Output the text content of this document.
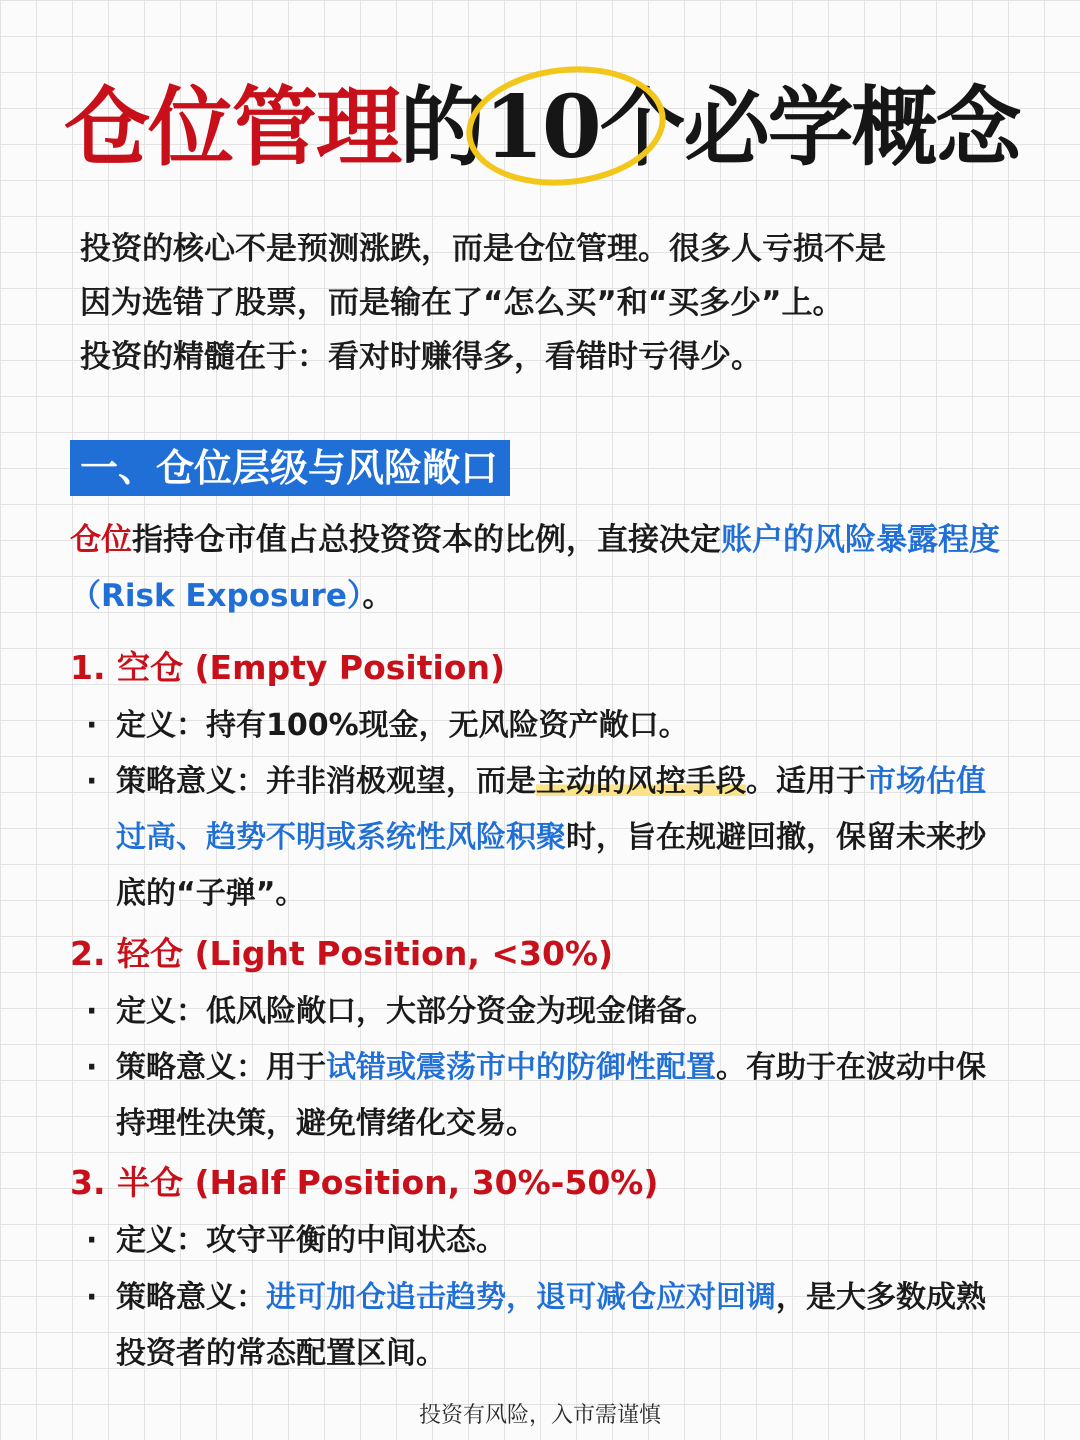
仓位管理的10个
必学概念

投资的核心不是预测涨跌，而是仓位管理。很多人亏损不是

因为选错了股票，而是输在了“怎么买”和“买多少”上。

投资的精髓在于：看对时赚得多，看错时亏得少。

一、仓位层级与风险敞口
仓位指持仓市值占总投资资本的比例，直接决定账户的风险暴露程度（Risk Exposure）。
1. 空仓 (Empty Position)
· 定义：持有100%现金，无风险资产敞口。
· 策略意义：并非消极观望，而是主动的风控手段。适用于市场估值过高、趋势不明或系统性风险积聚时，旨在规避回撤，保留未来抄底的“子弹”。
2. 轻仓 (Light Position, <30%)
· 定义：低风险敞口，大部分资金为现金储备。
· 策略意义：用于试错或震荡市中的防御性配置。有助于在波动中保持理性决策，避免情绪化交易。
3. 半仓 (Half Position, 30%-50%)
· 定义：攻守平衡的中间状态。
· 策略意义：进可加仓追击趋势，退可减仓应对回调，是大多数成熟投资者的常态配置区间。
投资有风险，入市需谨慎
